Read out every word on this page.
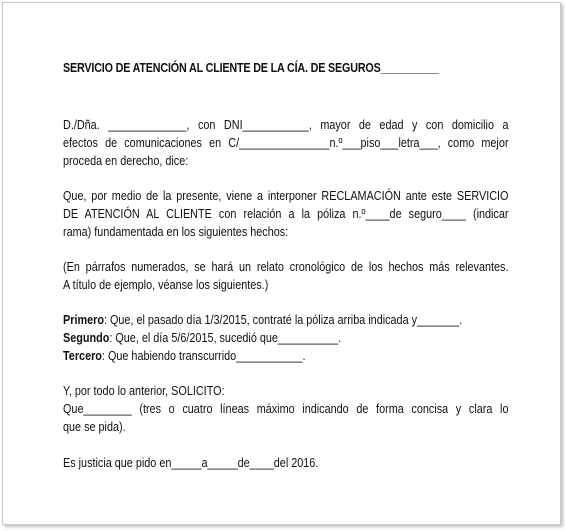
SERVICIO DE ATENCIÓN AL CLIENTE DE LA CÍA. DE SEGUROS__________
D./Dña. _____________, con DNI___________, mayor de edad y con domicilio a
efectos de comunicaciones en C/_______________n.º___piso___letra___, como mejor
proceda en derecho, dice:
Que, por medio de la presente, viene a interponer RECLAMACIÓN ante este SERVICIO
DE ATENCIÓN AL CLIENTE con relación a la póliza n.º____de seguro____ (indicar
rama) fundamentada en los siguientes hechos:
(En párrafos numerados, se hará un relato cronológico de los hechos más relevantes.
A título de ejemplo, véanse los siguientes.)
Primero: Que, el pasado día 1/3/2015, contraté la póliza arriba indicada y_______.
Segundo: Que, el día 5/6/2015, sucedió que__________.
Tercero: Que habiendo transcurrido___________.
Y, por todo lo anterior, SOLICITO:
Que________ (tres o cuatro líneas máximo indicando de forma concisa y clara lo
que se pida).
Es justicia que pido en_____a_____de____del 2016.
